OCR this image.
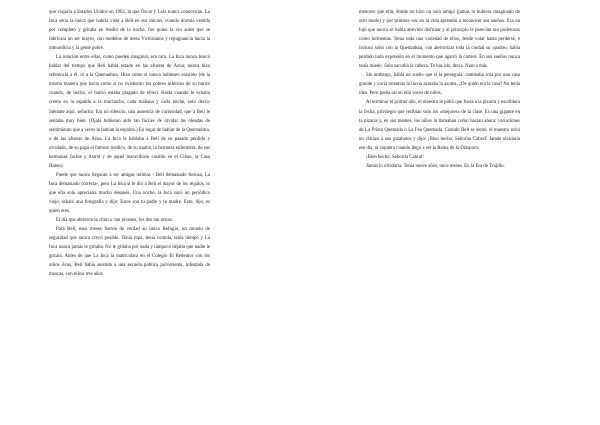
que viajaría a Estados Unidos en 1962, la que Óscar y Lola nunca conocerían. La Inca sería la única que habría visto a Beli en sus inicios, cuando dormía vestida por completo y gritaba en medio de la noche, fue quien la vio antes que se fabricara un ser mayor, con modelos de mesa Victorianos y repugnancia hacia la inmundicia y la gente pobre.

La relación entre ellas, como pueden imaginar, era rara. La Inca nunca buscó hablar del tiempo que Beli había estado en las afueras de Azua; nunca hizo referencia a él, ni a la Quemadura. Hizo como si nunca hubiesen existido (de la misma manera que hacía como si no existieran los pobres infelices de su barrio cuando, de hecho, el barrio estaba plagado de ellos). Hasta cuando le echaba crema en la espalda a la muchacha, cada mañana y cada noche, solo decía: Siéntate aquí, señorita. Era un silencio, una ausencia de curiosidad, que a Beli le sentaba muy bien. (Ojalá hubieran sido tan fáciles de olvidar las oleadas de sentimiento que a veces le lamían la espalda.) En lugar de hablar de la Quemadura, o de las afueras de Azua, La Inca le hablaba a Beli de su pasado perdido y olvidado, de su papá el famoso médico, de su mamá, la hermosa enfermera, de sus hermanas Jackie y Astrid y de aquel maravilloso castillo en el Cibao, la Casa Hatuey.

Puede que nunca llegaran a ser amigas íntimas - Beli demasiado furiosa, La Inca demasiado correcta-, pero La Inca sí le dio a Beli el mayor de los regalos, lo que ella solo apreciaría mucho después. Una noche, la Inca sacó un periódico viejo, señaló una fotografía y dijo: Estos son tu padre y tu madre. Esto, dijo, es quien eres.

El día que abrieron la clínica: tan jóvenes, los dos tan serios.

Para Beli, esos meses fueron de verdad su único Refugio, un mundo de seguridad que nunca creyó posible. Tenía ropa, tenía comida, tenía tiempo y La Inca nunca jamás le gritaba. No le gritaba por nada y tampoco dejaba que nadie le gritara. Antes de que La Inca la matriculara en el Colegio El Redentor con los niños ricos, Beli había asistido a una escuela pública polvorienta, infestada de moscas, con niños tres años

menores que ella, donde no hizo un solo amigo (jamás lo hubiera imaginado de otro modo) y por primera vez en la vida aprendió a reconocer sus sueños. Era un lujo que nunca se había atrevido disfrutar y al principio le parecían tan poderosos como tormentas. Tenía toda una variedad de ellos, desde volar hasta perderse, e incluso soñó con la Quemadura, con aterrorizar toda la ciudad su «padre» había perdido toda expresión en el momento que agarró la cartera. En sus sueños nunca tenía miedo. Solo sacudía la cabeza. Te has ido, decía. Nunca más.

Sin embargo, había un sueño que sí la perseguía: caminaba sola por una casa grande y vacía mientras la lluvia azotaba la azotea. ¿De quién era la casa? No tenía idea. Pero podía oír en ella voces de niños.

Al terminar el primer año, el maestro le pidió que fuera a la pizarra y escribiera la fecha, privilegio que recibían solo los «mejores» de la clase. Es una gigante en la pizarra y, en sus mentes, los niños la llamaban como hacían ahora: variaciones de La Prieta Quemada o La Fea Quemada. Cuando Beli se sentó, el maestro echó un vistazo a sus garabatos y dijo: ¡Bien hecho, Señorita Cabral! Jamás olvidaría ese día, ni siquiera cuando llegó a ser la Reina de la Diáspora.

¡Bien hecho, Señorita Cabral!

Jamás lo olvidaría. Tenía nueve años, once meses. En la Era de Trujillo.
